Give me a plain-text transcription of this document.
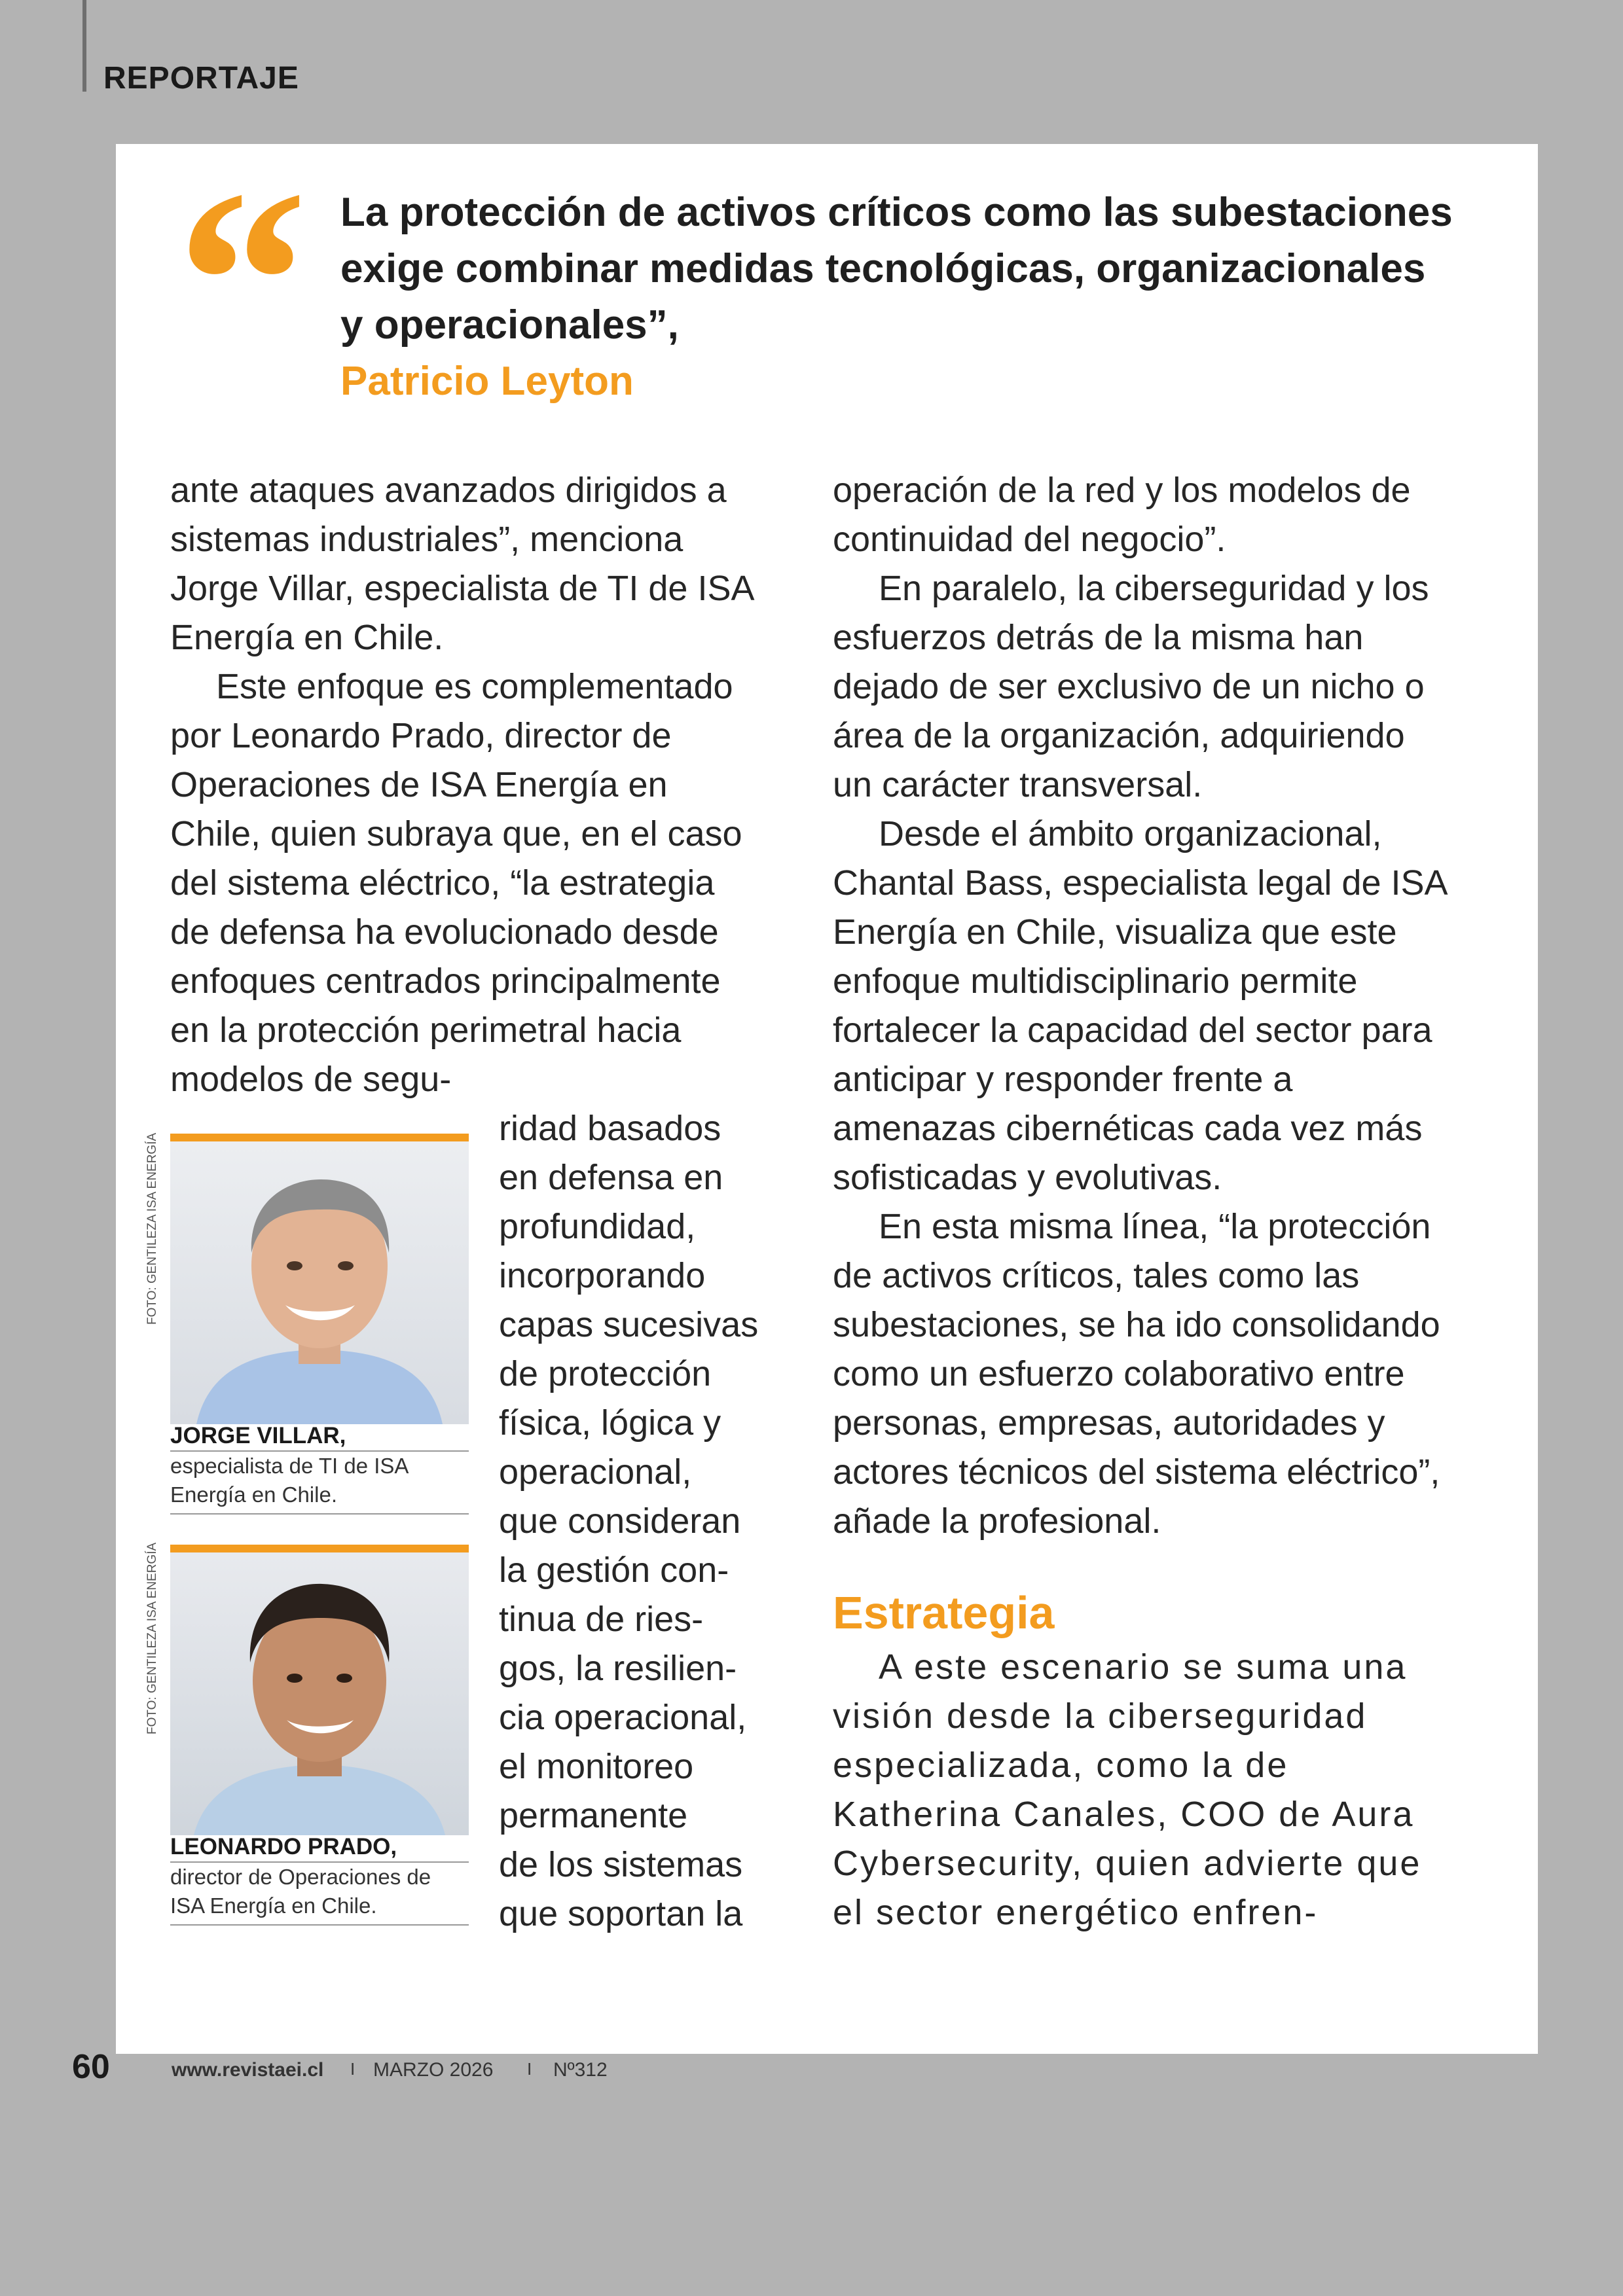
REPORTAJE
“ La protección de activos críticos como las subestaciones exige combinar medidas tecnológicas, organizacionales y operacionales”,
Patricio Leyton

ante ataques avanzados dirigidos a sistemas industriales”, menciona Jorge Villar, especialista de TI de ISA Energía en Chile.

Este enfoque es complementado por Leonardo Prado, director de Operaciones de ISA Energía en Chile, quien subraya que, en el caso del sistema eléctrico, “la estrategia de defensa ha evolucionado desde enfoques centrados principalmente en la protección perimetral hacia modelos de segu-

ridad basados
en defensa en
profundidad,
incorporando
capas sucesivas
de protección
física, lógica y
operacional,
que consideran
la gestión con-
tinua de ries-
gos, la resilien-
cia operacional,
el monitoreo
permanente
de los sistemas
que soportan la
FOTO: GENTILEZA ISA ENERGÍA
JORGE VILLAR,
especialista de TI de ISA Energía en Chile.
FOTO: GENTILEZA ISA ENERGÍA
LEONARDO PRADO,
director de Operaciones de ISA Energía en Chile.

operación de la red y los modelos de continuidad del negocio”.

En paralelo, la ciberseguridad y los esfuerzos detrás de la misma han dejado de ser exclusivo de un nicho o área de la organización, adquiriendo un carácter transversal.

Desde el ámbito organizacional, Chantal Bass, especialista legal de ISA Energía en Chile, visualiza que este enfoque multidisciplinario permite fortalecer la capacidad del sector para anticipar y responder frente a amenazas cibernéticas cada vez más sofisticadas y evolutivas.

En esta misma línea, “la protección de activos críticos, tales como las subestaciones, se ha ido consolidando como un esfuerzo colaborativo entre personas, empresas, autoridades y actores técnicos del sistema eléctrico”, añade la profesional.

Estrategia

A este escenario se suma una visión desde la ciberseguridad especializada, como la de Katherina Canales, COO de Aura Cybersecurity, quien advierte que el sector energético enfren-

60	www.revistaei.cl I MARZO 2026 I Nº312
